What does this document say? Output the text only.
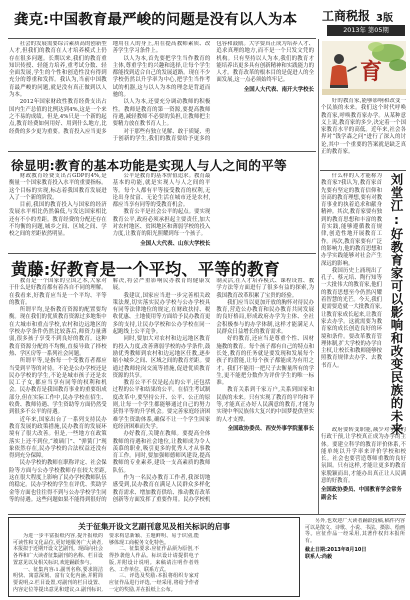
龚克:中国教育最严峻的问题是没有以人为本 工商税报 3版
2013年 第05期

社会的发展需要综合素质高的创新型人才,但我们的教育在人才培养模式上仍存在很多问题。长期以来,我们的教育重知识传授、轻能力培养,重考试分数、轻全面发展,学生的个性和创造性没有得到充分的尊重和发挥。我认为,当前中国教育最严峻的问题,就是没有真正做到以人为本。

2012年国家财政性教育经费支出占国内生产总值的比例达到4%,这是一个来之不易的成绩。但是,4%只是一个新的起点,教育经费如何用好、用到什么地方,比经费的多少更为重要。教育投入应当更多地用在人的身上,用在提高教师素质、改善学生学习条件上。

以人为本,首先要把学生当作教育的主体,尊重学生的兴趣和选择,让每个学生都能找到适合自己的发展道路。现在不少学校仍然以升学率为中心,把学生当作考试的机器,这与以人为本的理念是背道而驰的。

以人为本,还要充分调动教师的积极性。教师是教育的第一资源,要提高教师待遇,减轻教师不必要的负担,让教师把主要精力放在教书育人上。

对于那些有独立见解、敢于质疑、勇于创新的学生,我们的教育要给予更多的包容和鼓励。大学要真正成为培养人才、追求真理的地方,而不是一个只发文凭的机构。只有坚持以人为本,我们的教育才能培养出更多具有创新精神和实践能力的人才。教育改革的根本目的是促进人的全面发展,这一点必须始终牢记。

全国人大代表、南开大学校长

徐显明:教育的基本功能是实现人与人之间的平等

财政教育经费支出占GDP的4%,是衡量一个国家教育投入水平的重要指标。这个目标的实现,标志着我国教育发展进入了一个新的阶段。

目前,我国的教育投入与国家的经济发展水平相比仍然偏低,与发达国家相比还有不小的差距。教育经费的分配还存在不均衡的问题,城乡之间、区域之间、学校之间的差距依然明显。

公平是教育的基本价值追求。教育最基本的功能,就是实现人与人之间的平等。每个人都有平等接受教育的权利,无论出身贫富、无论生活在城市还是农村,都应当享有同等的受教育机会。

教育公平是社会公平的起点。要实现教育公平,政府必须承担起主要责任,加大对农村地区、贫困地区和薄弱学校的投入力度,让教育的阳光照耀到每一个孩子。

全国人大代表、山东大学校长

黄藤:好教育是一个平均、平等的教育

教育是一个国家的立国之本,大家对于什么是好教育都有着各自不同的理解。在我看来,好教育应当是一个平均、平等的教育。

所谓平均,是指教育资源的配置要均衡。现在我们的优质教育资源过多地集中在大城市和重点学校,农村和边远地区的学校办学条件仍然比较落后,师资力量薄弱,很多孩子享受不到良好的教育。这种教育资源分配的不均衡,直接导致了择校热、学区房等一系列社会问题。

所谓平等,是指每一个受教育者都应当受到平等的对待。不论是公办学校还是民办学校的学生,不论是城市孩子还是农民工子女,都应当享有同等的权利和机会。民办教育是我国教育事业的重要组成部分,但在实际工作中,民办学校在招生、收费、教师待遇、学生资助等方面仍然受到很多不公平的待遇。

近年来,国家出台了一系列支持民办教育发展的政策措施,民办教育的发展环境有了很大改善。但是,一些地方在政策落实上还不到位,“玻璃门”、“弹簧门”现象依然存在,民办学校的合法权益还没有得到充分保障。

民办学校的教师在职称评定、社会保险等方面与公办学校教师存在较大差距,这在很大程度上影响了民办学校教师队伍的稳定。民办学校的学生在评优、奖助学金等方面也往往得不到与公办学校学生同等的待遇。这些问题如果不能得到很好的解决,将会严重影响民办教育的健康发展。

我建议,国家应当进一步完善相关政策法规,切实落实民办学校与公办学校具有同等法律地位的规定,在财政扶持、税收优惠、土地使用等方面给予民办教育更多的支持,让民办学校和公办学校在同一起跑线上公平竞争。

同时,要加大对农村和边远地区教育的投入力度,改善薄弱学校的办学条件,鼓励优秀教师到农村和边远地区任教,逐步缩小城乡之间、区域之间的教育差距。要通过教师轮岗交流等措施,促进优质教育资源的共享。

教育公平不仅是起点的公平,还包括过程的公平和结果的公平。在招生考试制度改革中,要坚持公开、公平、公正的原则,让每一个学生都能够通过自己的努力获得平等的升学机会。要完善家庭经济困难学生资助体系,确保不让一个学生因家庭经济困难而失学。

办好教育,关键在教师。要提高全体教师的待遇和社会地位,让教师成为令人羡慕的职业,吸引更多的优秀人才从事教育工作。同时,要加强师德师风建设,提高教师的专业素养,建设一支高素质的教师队伍。

作为一名民办教育工作者,我深切地感受到,民办教育在满足人民群众多样化教育需求、增加教育供给、推动教育改革创新等方面发挥了重要作用。民办学校机制灵活,在人才培养模式、课程设置、教学方法等方面进行了很多有益的探索,为我国教育改革积累了宝贵的经验。

我们应当以更加开放的胸怀对待民办教育,营造公办教育和民办教育共同发展的良好格局,形成政府办学为主体、全社会积极参与的办学体制,这样才能满足人民群众日益增长的教育需求。

好的教育,还应当是尊重个性、因材施教的教育。每个孩子都有自己的特点和长处,教育的任务就是要发现和发展每个孩子的潜能,让每个孩子都能成为有用之才。我们不能用一把尺子去衡量所有的学生,更不能把分数作为评价学生的唯一标准。

教育关系到千家万户,关系到国家和民族的未来。只有实现了教育的平均和平等,才能真正办好人民满意的教育,才能为实现中华民族伟大复兴的中国梦提供坚实的人才支撑。

全国政协委员、西安外事学院董事长

育

好的教育家,能够影响和改变一个民族的未来。我们这个时代呼唤教育家,呼唤教育家办学。从某种意义上说,教育家的多少,决定着一个国家教育水平的高低。近年来,社会各界对“钱学森之问”进行了深入的讨论,其中一个重要的答案就是缺乏真正的教育家。

什么样的人才能称为教育家?我认为,教育家首先要有坚定的教育信仰和崇高的教育理想,要有对教育事业的执着追求和献身精神。其次,教育家要有独到的教育思想和丰富的教育实践,能够遵循教育规律,创造性地开展教育工作。再次,教育家要有广泛的影响力,他的教育思想和办学实践能够对社会产生深远的影响。

我国历史上涌现出了孔子、蔡元培、陶行知等一大批伟大的教育家,他们的教育思想至今仍然闪耀着智慧的光芒。今天,我们更需要造就一大批教育家,让教育家成长起来,让教育家去办学。这就需要为教育家的成长创造良好的环境和条件。要改革教育管理体制,扩大学校的办学自主权,让校长和教师能够按照教育规律去办学、去教书育人。	刘堂江:好教育家可以影响和改变民族的未来

政府要转变职能,减少对学校的行政干预,让学校真正成为办学的主体。要建立科学的教育评价体系,不能单纯以升学率来评价学校和校长。社会也要营造尊师重教的良好氛围。只有这样,才能让更多的教育家脱颖而出,才能办出真正让人民满意的好教育。

全国政协委员、中国教育学会常务副会长

关于征集开设文艺副刊意见及相关标识的启事

为进一步丰富报纸内容,提升报纸的可读性和文化品位,更好地服务广大读者,本报拟于近期开设文艺副刊。现面向社会各界和广大读者征集副刊的名称、栏目设置意见以及相关标识,欢迎踊跃参与。

一、征集内容:1.副刊名称,要求简洁明快、寓意深刻、富有文化内涵,并附简要说明;2.栏目设置,对副刊的栏目设置、内容定位等提出意见和建议;3.副刊标识,要求构思新颖、主题鲜明、易于识别,能够体现工商税务文化特色。

二、征集要求:应征作品须为原创,不得抄袭他人作品。标识设计请提供电子版,并附设计说明。来稿请注明作者姓名、工作单位、联系方式。

三、评选及奖励:本报将组织专家对应征作品进行评选,一经采用,将给予作者一定的奖励,并在报纸上公布。

另外,也欢迎广大读者踊跃投稿,稿件内容可以是散文、诗歌、小说、书法、摄影、绘画等。应征作品一经采用,其著作权归本报所有。

截止日期:2013年8月10日

联系人:尚毅
